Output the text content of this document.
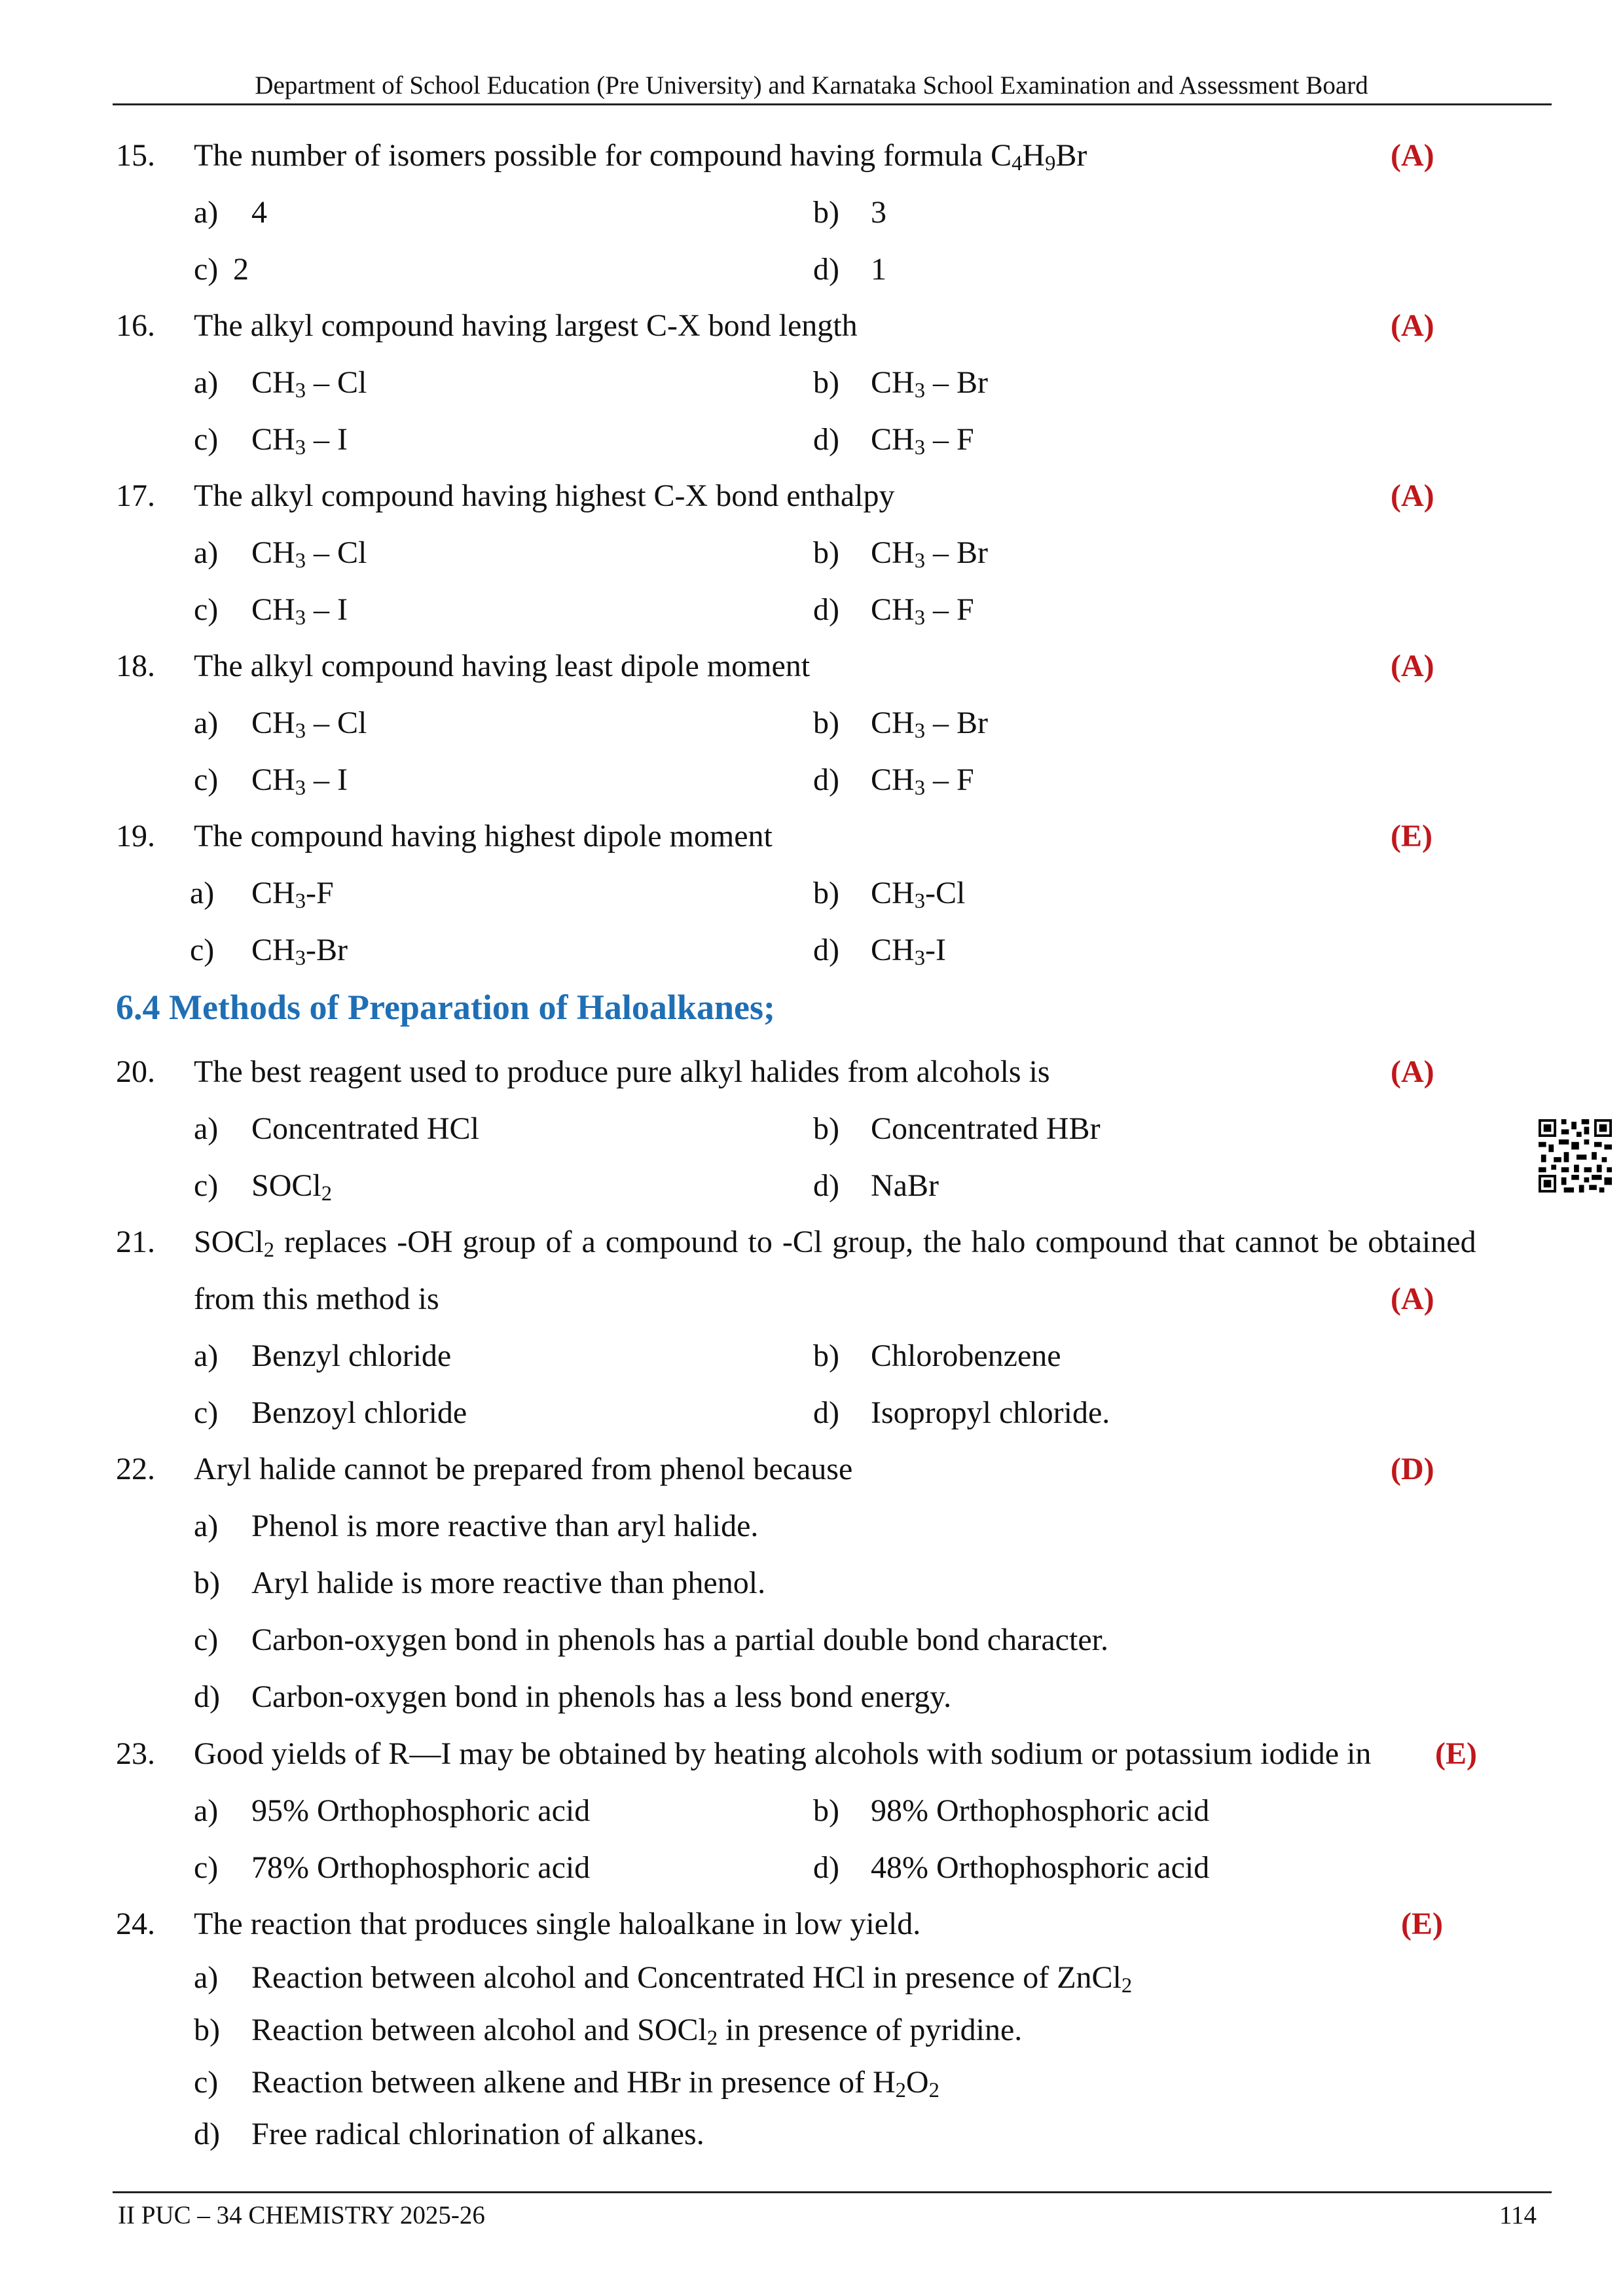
Department of School Education (Pre University) and Karnataka School Examination and Assessment Board
15. The number of isomers possible for compound having formula $C_4H_9Br$	(A)
a) 4	b) 3
c) 2	d) 1
16. The alkyl compound having largest C-X bond length	(A)
a) $CH_3$ – Cl	b) $CH_3$ – Br
c) $CH_3$ – I	d) $CH_3$ – F
17. The alkyl compound having highest C-X bond enthalpy	(A)
a) $CH_3$ – Cl	b) $CH_3$ – Br
c) $CH_3$ – I	d) $CH_3$ – F
18. The alkyl compound having least dipole moment	(A)
a) $CH_3$ – Cl	b) $CH_3$ – Br
c) $CH_3$ – I	d) $CH_3$ – F
19. The compound having highest dipole moment	(E)
a) $CH_3-F$	b) $CH_3-Cl$
c) $CH_3-Br$	d) $CH_3-I$
6.4 Methods of Preparation of Haloalkanes;
20. The best reagent used to produce pure alkyl halides from alcohols is	(A)
a) Concentrated HCl	b) Concentrated HBr
c) SOCl$_2$	d) NaBr
21. SOCl$_2$ replaces -OH group of a compound to -Cl group, the halo compound that cannot be obtained
from this method is	(A)
a) Benzyl chloride	b) Chlorobenzene
c) Benzoyl chloride	d) Isopropyl chloride.
22. Aryl halide cannot be prepared from phenol because	(D)
a) Phenol is more reactive than aryl halide.
b) Aryl halide is more reactive than phenol.
c) Carbon-oxygen bond in phenols has a partial double bond character.
d) Carbon-oxygen bond in phenols has a less bond energy.
23. Good yields of R—I may be obtained by heating alcohols with sodium or potassium iodide in (E)
a) 95% Orthophosphoric acid	b) 98% Orthophosphoric acid
c) 78% Orthophosphoric acid	d) 48% Orthophosphoric acid
24. The reaction that produces single haloalkane in low yield.	(E)
a) Reaction between alcohol and Concentrated HCl in presence of ZnCl$_2$
b) Reaction between alcohol and SOCl$_2$ in presence of pyridine.
c) Reaction between alkene and HBr in presence of $H_2O_2$
d) Free radical chlorination of alkanes.
II PUC – 34 CHEMISTRY 2025-26	114
